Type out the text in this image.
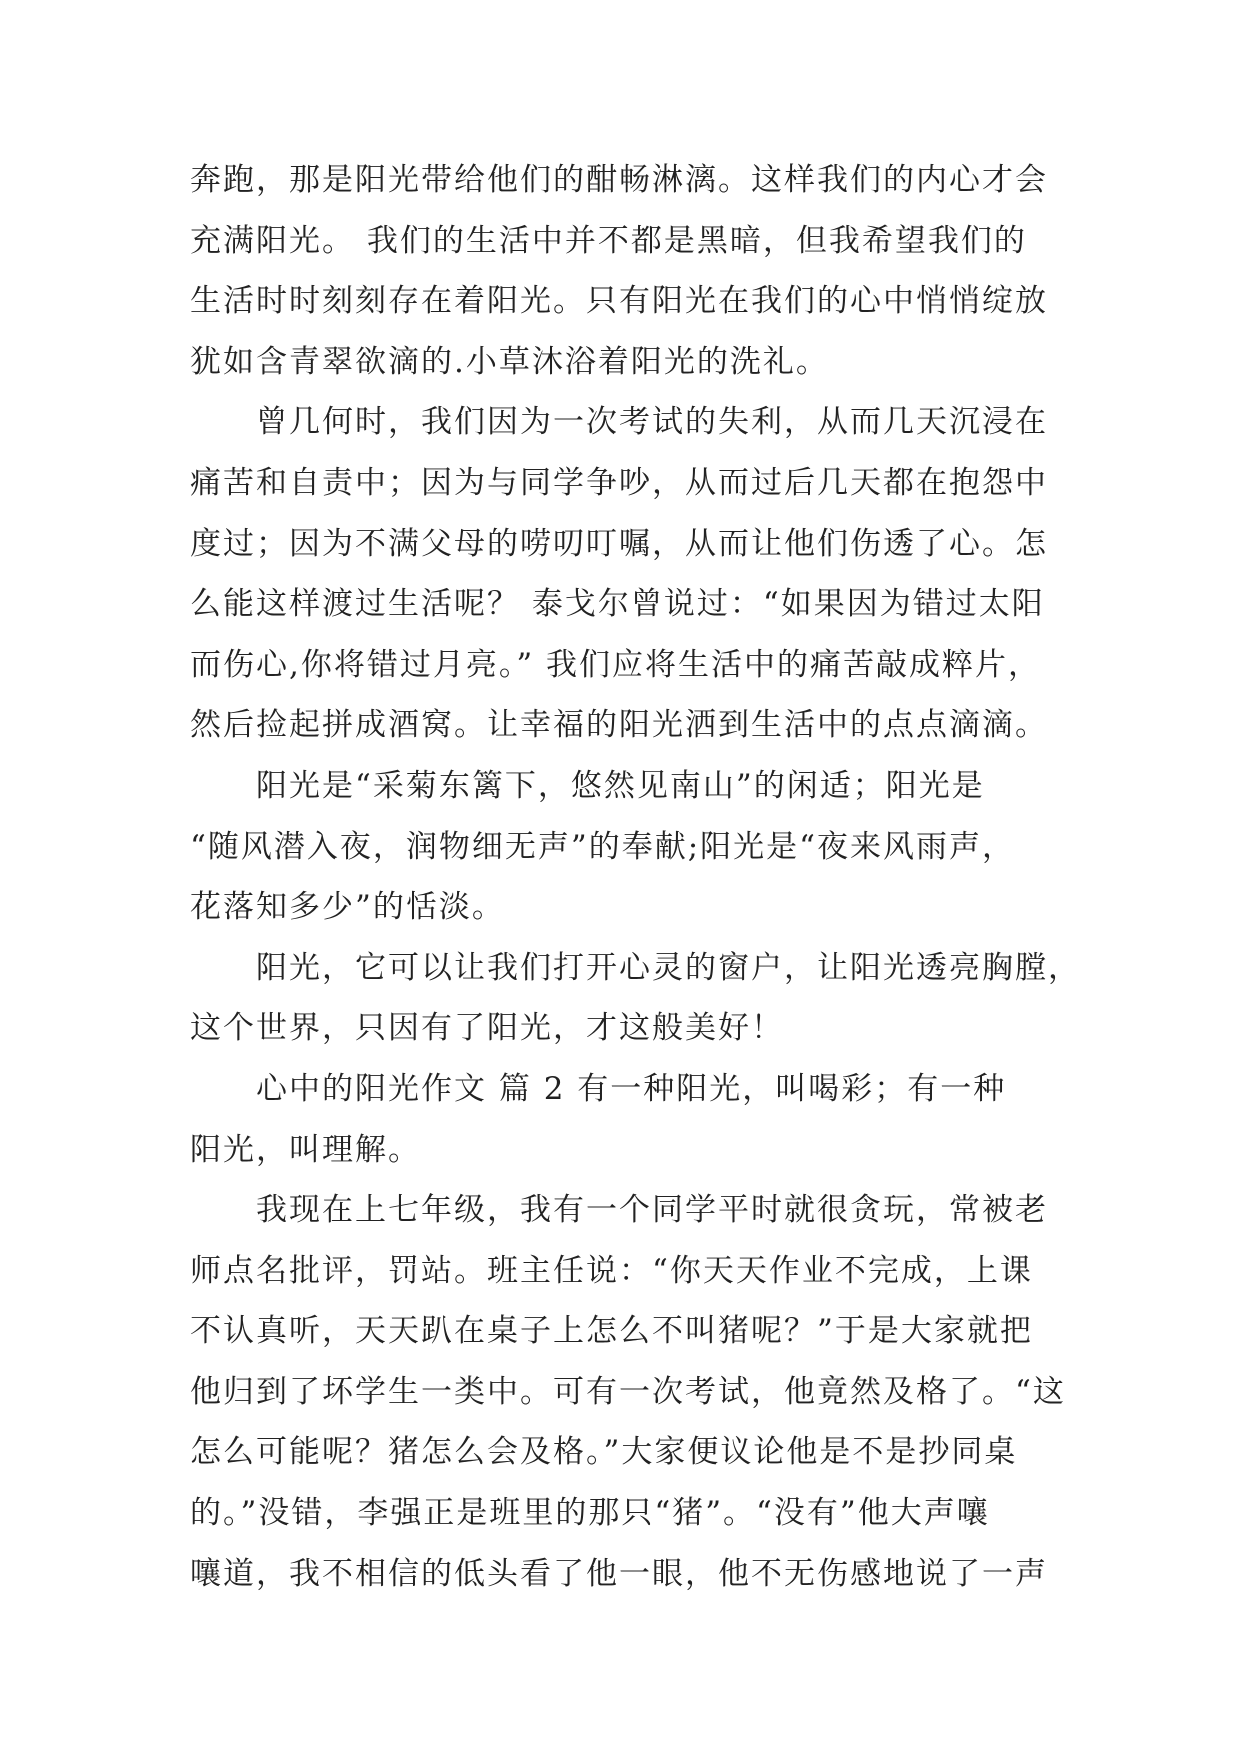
奔跑，那是阳光带给他们的酣畅淋漓。这样我们的内心才会
充满阳光。 我们的生活中并不都是黑暗，但我希望我们的
生活时时刻刻存在着阳光。只有阳光在我们的心中悄悄绽放
犹如含青翠欲滴的.小草沐浴着阳光的洗礼。
曾几何时，我们因为一次考试的失利，从而几天沉浸在
痛苦和自责中；因为与同学争吵，从而过后几天都在抱怨中
度过；因为不满父母的唠叨叮嘱，从而让他们伤透了心。怎
么能这样渡过生活呢？ 泰戈尔曾说过：“如果因为错过太阳
而伤心,你将错过月亮。” 我们应将生活中的痛苦敲成粹片，
然后捡起拼成酒窝。让幸福的阳光洒到生活中的点点滴滴。
阳光是“采菊东篱下，悠然见南山”的闲适；阳光是
“随风潜入夜，润物细无声”的奉献;阳光是“夜来风雨声，
花落知多少”的恬淡。
阳光，它可以让我们打开心灵的窗户，让阳光透亮胸膛，
这个世界，只因有了阳光，才这般美好！
心中的阳光作文 篇 2 有一种阳光，叫喝彩；有一种
阳光，叫理解。
我现在上七年级，我有一个同学平时就很贪玩，常被老
师点名批评，罚站。班主任说：“你天天作业不完成，上课
不认真听，天天趴在桌子上怎么不叫猪呢？”于是大家就把
他归到了坏学生一类中。可有一次考试，他竟然及格了。“这
怎么可能呢？猪怎么会及格。”大家便议论他是不是抄同桌
的。”没错，李强正是班里的那只“猪”。“没有”他大声嚷
嚷道，我不相信的低头看了他一眼，他不无伤感地说了一声
